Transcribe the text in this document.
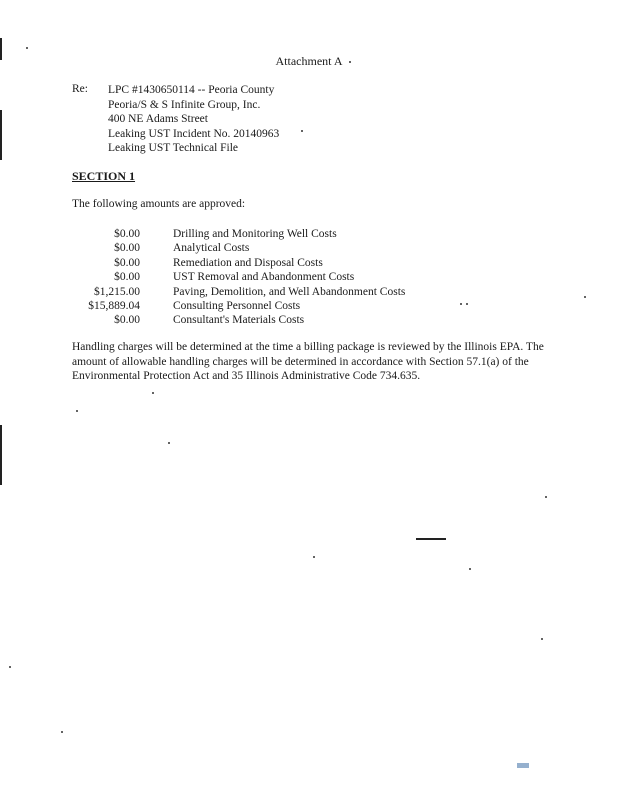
Attachment A
Re: LPC #1430650114 -- Peoria County
Peoria/S & S Infinite Group, Inc.
400 NE Adams Street
Leaking UST Incident No. 20140963
Leaking UST Technical File
SECTION 1
The following amounts are approved:
$0.00	Drilling and Monitoring Well Costs
$0.00	Analytical Costs
$0.00	Remediation and Disposal Costs
$0.00	UST Removal and Abandonment Costs
$1,215.00	Paving, Demolition, and Well Abandonment Costs
$15,889.04	Consulting Personnel Costs
$0.00	Consultant's Materials Costs
Handling charges will be determined at the time a billing package is reviewed by the Illinois EPA. The amount of allowable handling charges will be determined in accordance with Section 57.1(a) of the Environmental Protection Act and 35 Illinois Administrative Code 734.635.
